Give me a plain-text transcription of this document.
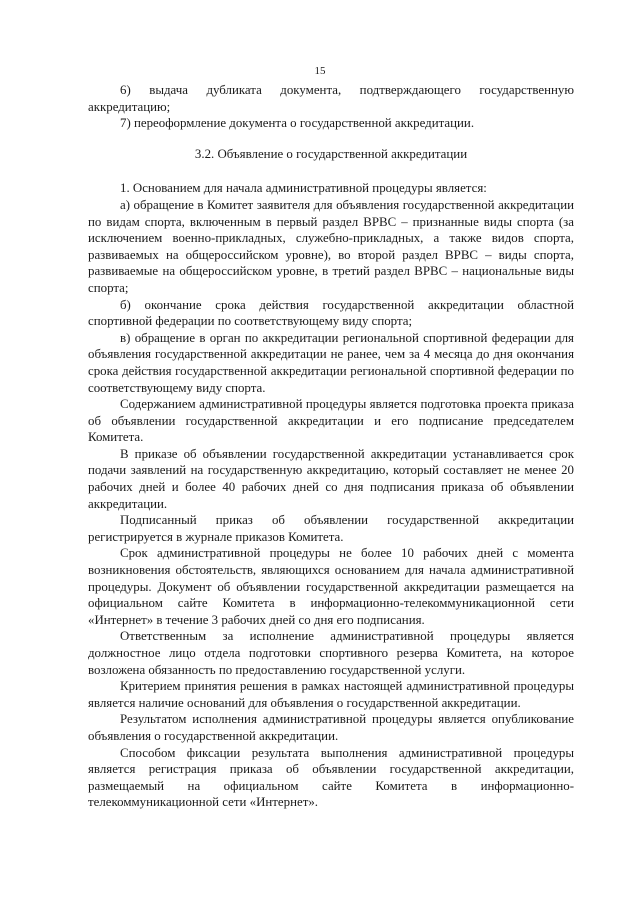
15

6) выдача дубликата документа, подтверждающего государственную аккредитацию;

7) переоформление документа о государственной аккредитации.

3.2. Объявление о государственной аккредитации

1. Основанием для начала административной процедуры является:

а) обращение в Комитет заявителя для объявления государственной аккредитации по видам спорта, включенным в первый раздел ВРВС – признанные виды спорта (за исключением военно-прикладных, служебно-прикладных, а также видов спорта, развиваемых на общероссийском уровне), во второй раздел ВРВС – виды спорта, развиваемые на общероссийском уровне, в третий раздел ВРВС – национальные виды спорта;

б) окончание срока действия государственной аккредитации областной спортивной федерации по соответствующему виду спорта;

в) обращение в орган по аккредитации региональной спортивной федерации для объявления государственной аккредитации не ранее, чем за 4 месяца до дня окончания срока действия государственной аккредитации региональной спортивной федерации по соответствующему виду спорта.

Содержанием административной процедуры является подготовка проекта приказа об объявлении государственной аккредитации и его подписание председателем Комитета.

В приказе об объявлении государственной аккредитации устанавливается срок подачи заявлений на государственную аккредитацию, который составляет не менее 20 рабочих дней и более 40 рабочих дней со дня подписания приказа об объявлении аккредитации.

Подписанный приказ об объявлении государственной аккредитации регистрируется в журнале приказов Комитета.

Срок административной процедуры не более 10 рабочих дней с момента возникновения обстоятельств, являющихся основанием для начала административной процедуры. Документ об объявлении государственной аккредитации размещается на официальном сайте Комитета в информационно-телекоммуникационной сети «Интернет» в течение 3 рабочих дней со дня его подписания.

Ответственным за исполнение административной процедуры является должностное лицо отдела подготовки спортивного резерва Комитета, на которое возложена обязанность по предоставлению государственной услуги.

Критерием принятия решения в рамках настоящей административной процедуры является наличие оснований для объявления о государственной аккредитации.

Результатом исполнения административной процедуры является опубликование объявления о государственной аккредитации.

Способом фиксации результата выполнения административной процедуры является регистрация приказа об объявлении государственной аккредитации, размещаемый на официальном сайте Комитета в информационно-телекоммуникационной сети «Интернет».
